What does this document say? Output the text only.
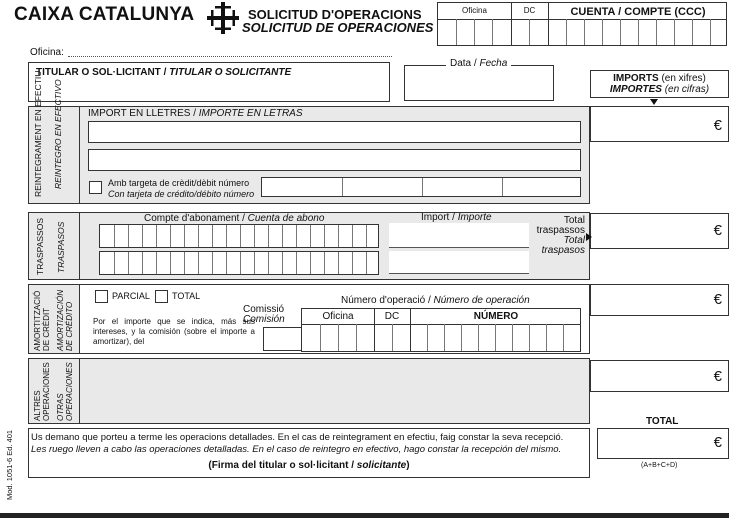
CAIXA CATALUNYA	SOLICITUD D'OPERACIONS
SOLICITUD DE OPERACIONES
Oficina	DC	CUENTA / COMPTE (CCC)
Oficina:
TITULAR O SOL·LICITANT / TITULAR O SOLICITANTE
Data / Fecha
IMPORTS (en xifres)
IMPORTES (en cifras)
€
€
€
€
TOTAL
€
(A+B+C+D)
REINTEGRAMENT EN EFECTIU REINTEGRO EN EFECTIVO	IMPORT EN LLETRES / IMPORTE EN LETRAS
Amb targeta de crèdit/dèbit número
Con tarjeta de crédito/débito número
TRASPASSOS TRASPASOS
Compte d'abonament / Cuenta de abono	Import / Importe	Total
traspassos
Total
traspasos
AMORTITZACIÓ DE CRÈDIT AMORTIZACIÓN DE CRÉDITO
PARCIAL TOTAL
Por el importe que se indica, más sus intereses, y la comisión (sobre el importe a amortizar), del
Comissió
Comisión
Número d'operació / Número de operación
Oficina	DC	NÚMERO
ALTRES OPERACIONES OTRAS OPERACIONES
Us demano que porteu a terme les operacions detallades. En el cas de reintegrament en efectiu, faig constar la seva recepció.
Les ruego lleven a cabo las operaciones detalladas. En el caso de reintegro en efectivo, hago constar la recepción del mismo.
(Firma del titular o sol·licitant / solicitante)
Mod. 1051-6 Ed. 401
